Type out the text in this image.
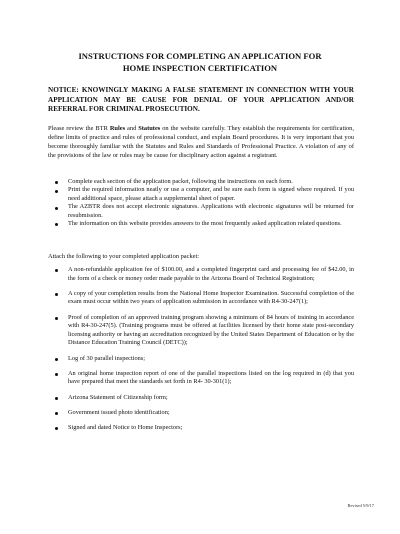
INSTRUCTIONS FOR COMPLETING AN APPLICATION FOR
HOME INSPECTION CERTIFICATION
NOTICE: KNOWINGLY MAKING A FALSE STATEMENT IN CONNECTION WITH YOUR APPLICATION MAY BE CAUSE FOR DENIAL OF YOUR APPLICATION AND/OR REFERRAL FOR CRIMINAL PROSECUTION.
Please review the BTR Rules and Statutes on the website carefully. They establish the requirements for certification, define limits of practice and rules of professional conduct, and explain Board procedures. It is very important that you become thoroughly familiar with the Statutes and Rules and Standards of Professional Practice. A violation of any of the provisions of the law or rules may be cause for disciplinary action against a registrant.
Complete each section of the application packet, following the instructions on each form.
Print the required information neatly or use a computer, and be sure each form is signed where required. If you need additional space, please attach a supplemental sheet of paper.
The AZBTR does not accept electronic signatures. Applications with electronic signatures will be returned for resubmission.
The information on this website provides answers to the most frequently asked application related questions.
Attach the following to your completed application packet:
A non-refundable application fee of $100.00, and a completed fingerprint card and processing fee of $42.00, in the form of a check or money order made payable to the Arizona Board of Technical Registration;
A copy of your completion results from the National Home Inspector Examination. Successful completion of the exam must occur within two years of application submission in accordance with R4-30-247(1);
Proof of completion of an approved training program showing a minimum of 84 hours of training in accordance with R4-30-247(5). (Training programs must be offered at facilities licensed by their home state post-secondary licensing authority or having an accreditation recognized by the United States Department of Education or by the Distance Education Training Council (DETC));
Log of 30 parallel inspections;
An original home inspection report of one of the parallel inspections listed on the log required in (d) that you have prepared that meet the standards set forth in R4- 30-301(1);
Arizona Statement of Citizenship form;
Government issued photo identification;
Signed and dated Notice to Home Inspectors;
Revised 5/9/17
